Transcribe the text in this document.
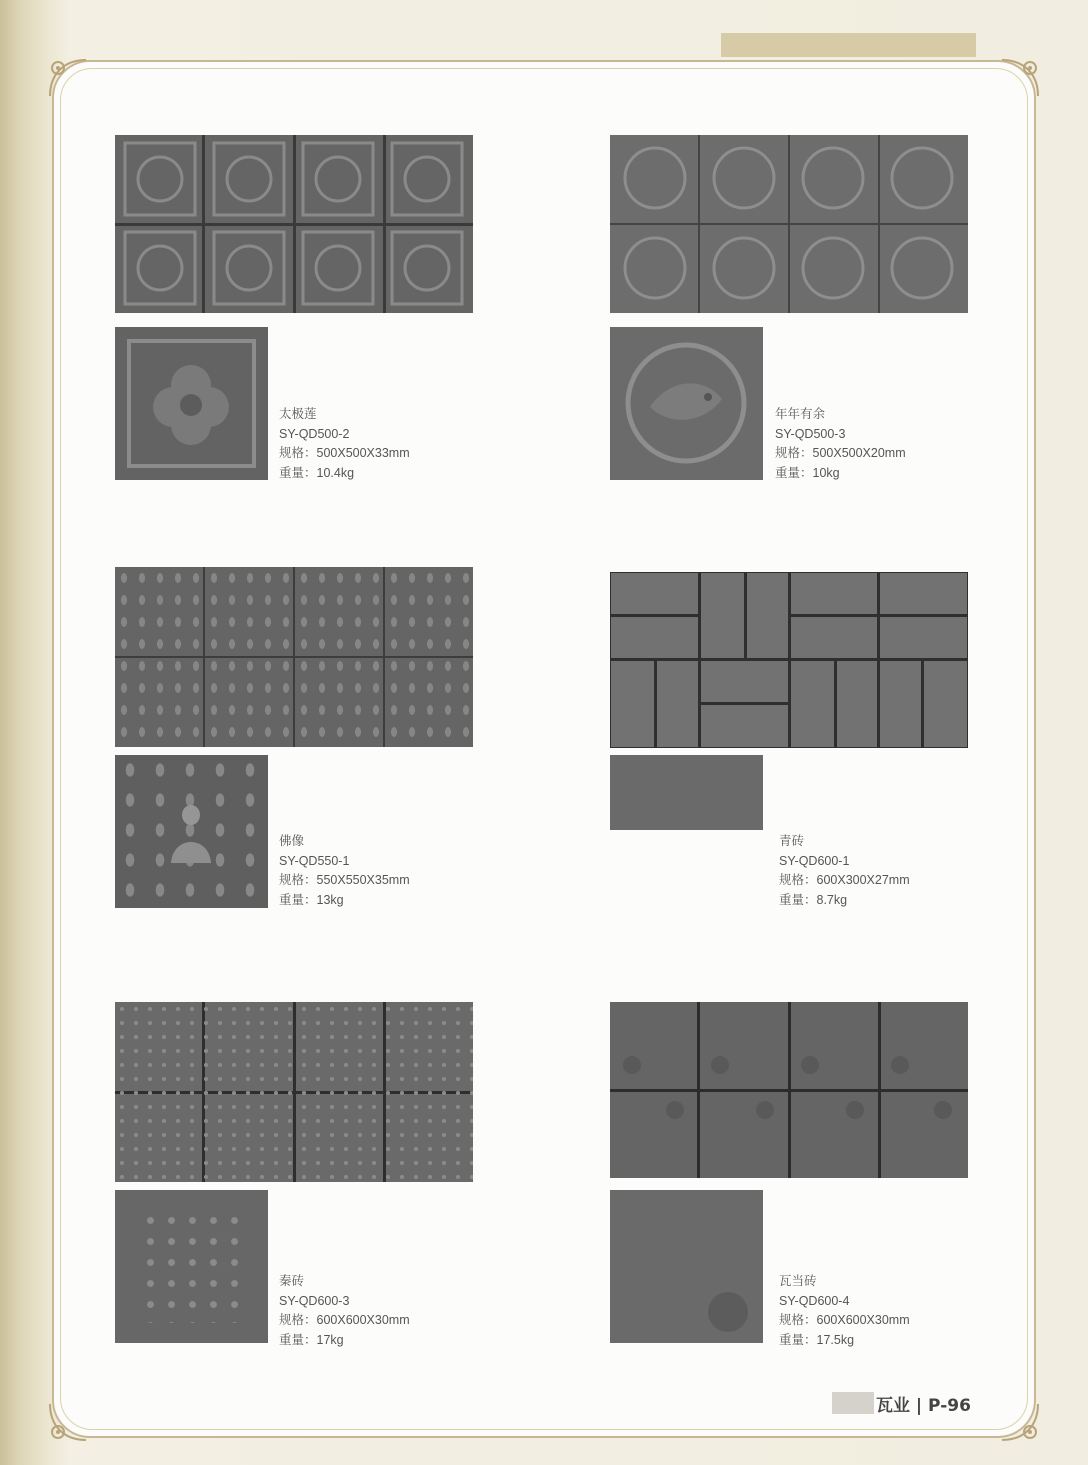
太极莲
SY-QD500-2
规格：500X500X33mm
重量：10.4kg
年年有余
SY-QD500-3
规格：500X500X20mm
重量：10kg
佛像
SY-QD550-1
规格：550X550X35mm
重量：13kg
青砖
SY-QD600-1
规格：600X300X27mm
重量：8.7kg
秦砖
SY-QD600-3
规格：600X600X30mm
重量：17kg
瓦当砖
SY-QD600-4
规格：600X600X30mm
重量：17.5kg
瓦业 | P-96
